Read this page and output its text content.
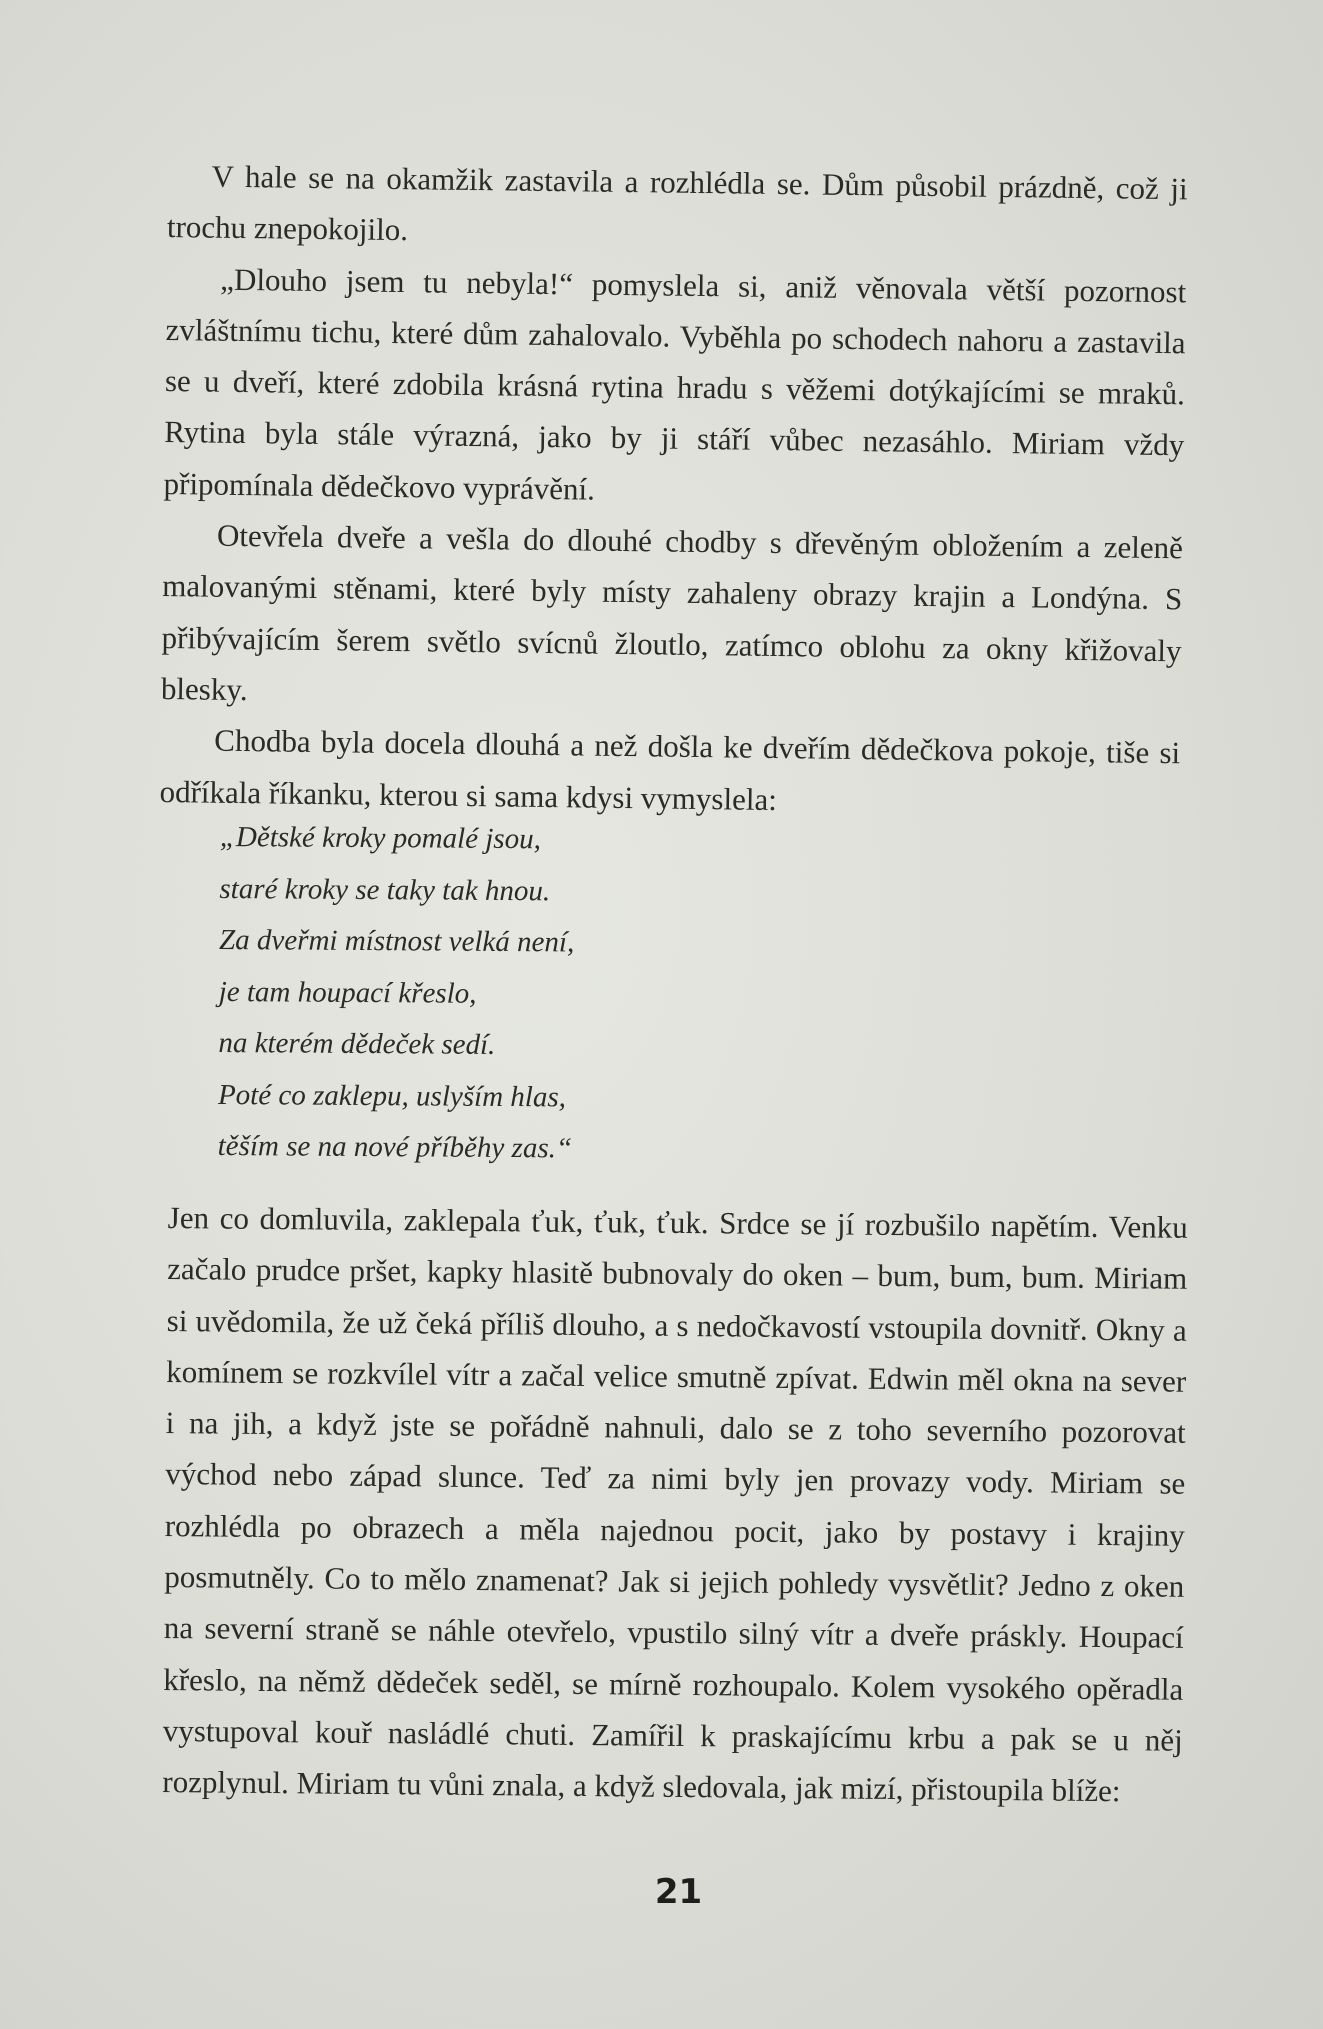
V hale se na okamžik zastavila a rozhlédla se. Dům působil prázdně, což ji trochu znepokojilo.

„Dlouho jsem tu nebyla!“ pomyslela si, aniž věnovala větší pozornost zvláštnímu tichu, které dům zahalovalo. Vyběhla po schodech nahoru a zastavila se u dveří, které zdobila krásná rytina hradu s věžemi dotýkajícími se mraků. Rytina byla stále výrazná, jako by ji stáří vůbec nezasáhlo. Miriam vždy připomínala dědečkovo vyprávění.

Otevřela dveře a vešla do dlouhé chodby s dřevěným obložením a zeleně malovanými stěnami, které byly místy zahaleny obrazy krajin a Londýna. S přibývajícím šerem světlo svícnů žloutlo, zatímco oblohu za okny křižovaly blesky.

Chodba byla docela dlouhá a než došla ke dveřím dědečkova pokoje, tiše si odříkala říkanku, kterou si sama kdysi vymyslela:

„Dětské kroky pomalé jsou,
staré kroky se taky tak hnou.
Za dveřmi místnost velká není,
je tam houpací křeslo,
na kterém dědeček sedí.
Poté co zaklepu, uslyším hlas,
těším se na nové příběhy zas.“

Jen co domluvila, zaklepala ťuk, ťuk, ťuk. Srdce se jí rozbušilo napětím. Venku začalo prudce pršet, kapky hlasitě bubnovaly do oken – bum, bum, bum. Miriam si uvědomila, že už čeká příliš dlouho, a s nedočkavostí vstoupila dovnitř. Okny a komínem se rozkvílel vítr a začal velice smutně zpívat. Edwin měl okna na sever i na jih, a když jste se pořádně nahnuli, dalo se z toho severního pozorovat východ nebo západ slunce. Teď za nimi byly jen provazy vody. Miriam se rozhlédla po obrazech a měla najednou pocit, jako by postavy i krajiny posmutněly. Co to mělo znamenat? Jak si jejich pohledy vysvětlit? Jedno z oken na severní straně se náhle otevřelo, vpustilo silný vítr a dveře práskly. Houpací křeslo, na němž dědeček seděl, se mírně rozhoupalo. Kolem vysokého opěradla vystupoval kouř nasládlé chuti. Zamířil k praskajícímu krbu a pak se u něj rozplynul. Miriam tu vůni znala, a když sledovala, jak mizí, přistoupila blíže:

21
